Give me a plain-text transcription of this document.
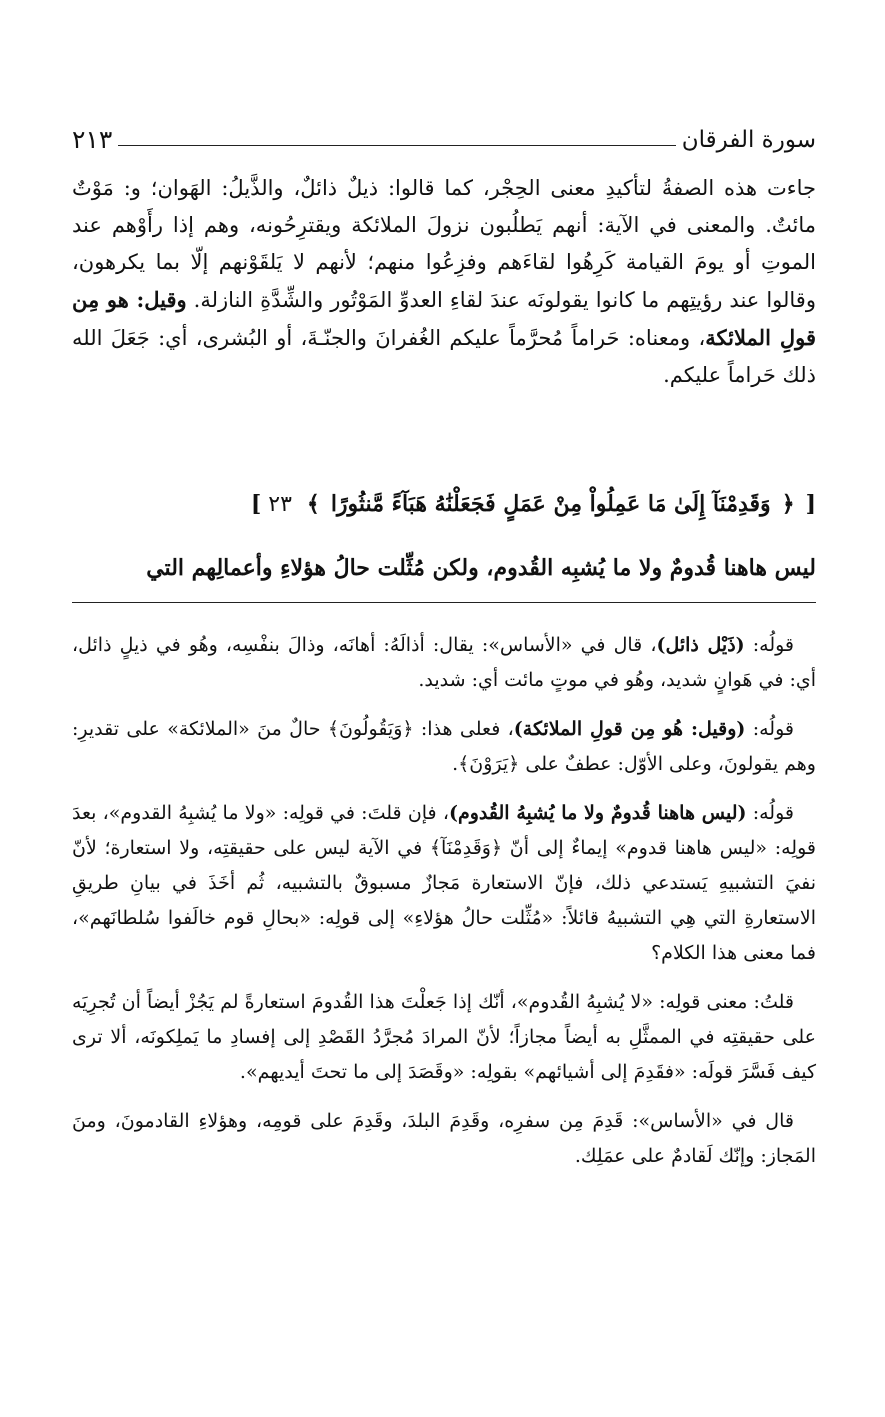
سورة الفرقان
٢١٣
جاءت هذه الصفةُ لتأكيدِ معنى الحِجْر، كما قالوا: ذيلٌ ذائلٌ، والذَّيلُ: الهَوان؛ و: مَوْتٌ مائتٌ. والمعنى في الآية: أنهم يَطلُبون نزولَ الملائكة ويقترِحُونه، وهم إذا رأَوْهم عند الموتِ أو يومَ القيامة كَرِهُوا لقاءَهم وفزِعُوا منهم؛ لأنهم لا يَلقَوْنهم إلّا بما يكرهون، وقالوا عند رؤيتِهم ما كانوا يقولونَه عندَ لقاءِ العدوِّ المَوْتُور والشِّدَّةِ النازلة. وقيل: هو مِن قولِ الملائكة، ومعناه: حَراماً مُحرَّماً عليكم الغُفرانَ والجنّـةَ، أو البُشرى، أي: جَعَلَ الله ذلك حَراماً عليكم.
[ ﴿ وَقَدِمْنَآ إِلَىٰ مَا عَمِلُواْ مِنْ عَمَلٍ فَجَعَلْنَٰهُ هَبَآءً مَّنثُورًا ﴾ ٢٣ ]
ليس هاهنا قُدومٌ ولا ما يُشبِه القُدوم، ولكن مُثِّلت حالُ هؤلاءِ وأعمالِهم التي

قولُه: (ذَيْل ذائل)، قال في «الأساس»: يقال: أذالَهُ: أهانَه، وذالَ بنفْسِه، وهُو في ذيلٍ ذائل، أي: في هَوانٍ شديد، وهُو في موتٍ مائت أي: شديد.

قولُه: (وقيل: هُو مِن قولِ الملائكة)، فعلى هذا: ﴿وَيَقُولُونَ﴾ حالٌ منَ «الملائكة» على تقديرِ: وهم يقولونَ، وعلى الأوّل: عطفٌ على ﴿يَرَوْنَ﴾.

قولُه: (ليس هاهنا قُدومٌ ولا ما يُشبِهُ القُدوم)، فإن قلتَ: في قولِه: «ولا ما يُشبِهُ القدوم»، بعدَ قولِه: «ليس هاهنا قدوم» إيماءٌ إلى أنّ ﴿وَقَدِمْنَآ﴾ في الآية ليس على حقيقتِه، ولا استعارة؛ لأنّ نفيَ التشبيهِ يَستدعي ذلك، فإنّ الاستعارة مَجازٌ مسبوقٌ بالتشبيه، ثُم أخَذَ في بيانِ طريقِ الاستعارةِ التي هِي التشبيهُ قائلاً: «مُثِّلت حالُ هؤلاءِ» إلى قولِه: «بحالِ قوم خالَفوا سُلطانَهم»، فما معنى هذا الكلام؟

قلتُ: معنى قولِه: «لا يُشبِهُ القُدوم»، أنّك إذا جَعلْتَ هذا القُدومَ استعارةً لم يَجُزْ أيضاً أن تُجرِيَه على حقيقتِه في الممثَّلِ به أيضاً مجازاً؛ لأنّ المرادَ مُجرَّدُ القَصْدِ إلى إفسادِ ما يَملِكونَه، ألا ترى كيف فَسَّرَ قولَه: «فقَدِمَ إلى أشيائهم» بقولِه: «وقَصَدَ إلى ما تحتَ أيديهم».

قال في «الأساس»: قَدِمَ مِن سفرِه، وقَدِمَ البلدَ، وقَدِمَ على قومِه، وهؤلاءِ القادمونَ، ومنَ المَجاز: وإنّك لَقادمٌ على عمَلِك.
